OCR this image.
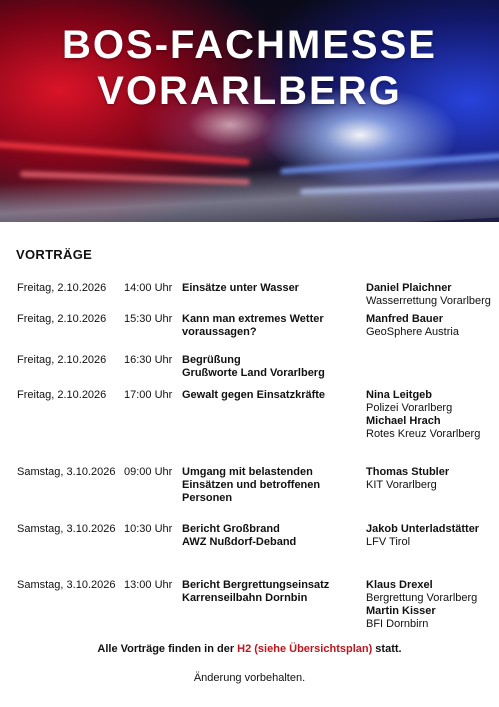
BOS-FACHMESSE
VORARLBERG
VORTRÄGE
Freitag, 2.10.2026 14:00 Uhr Einsätze unter Wasser	Daniel Plaichner
Wasserrettung Vorarlberg
Freitag, 2.10.2026 15:30 Uhr Kann man extremes Wetter
voraussagen?
Manfred Bauer
GeoSphere Austria
Freitag, 2.10.2026 16:30 Uhr Begrüßung
Grußworte Land Vorarlberg
Freitag, 2.10.2026 17:00 Uhr Gewalt gegen Einsatzkräfte	Nina Leitgeb
Polizei Vorarlberg
Michael Hrach
Rotes Kreuz Vorarlberg
Samstag, 3.10.2026 09:00 Uhr Umgang mit belastenden
Einsätzen und betroffenen
Personen
Thomas Stubler
KIT Vorarlberg
Samstag, 3.10.2026 10:30 Uhr Bericht Großbrand
AWZ Nußdorf-Deband
Jakob Unterladstätter
LFV Tirol
Samstag, 3.10.2026 13:00 Uhr Bericht Bergrettungseinsatz
Karrenseilbahn Dornbin
Klaus Drexel
Bergrettung Vorarlberg
Martin Kisser
BFI Dornbirn
Alle Vorträge finden in der H2 (siehe Übersichtsplan) statt.
Änderung vorbehalten.
